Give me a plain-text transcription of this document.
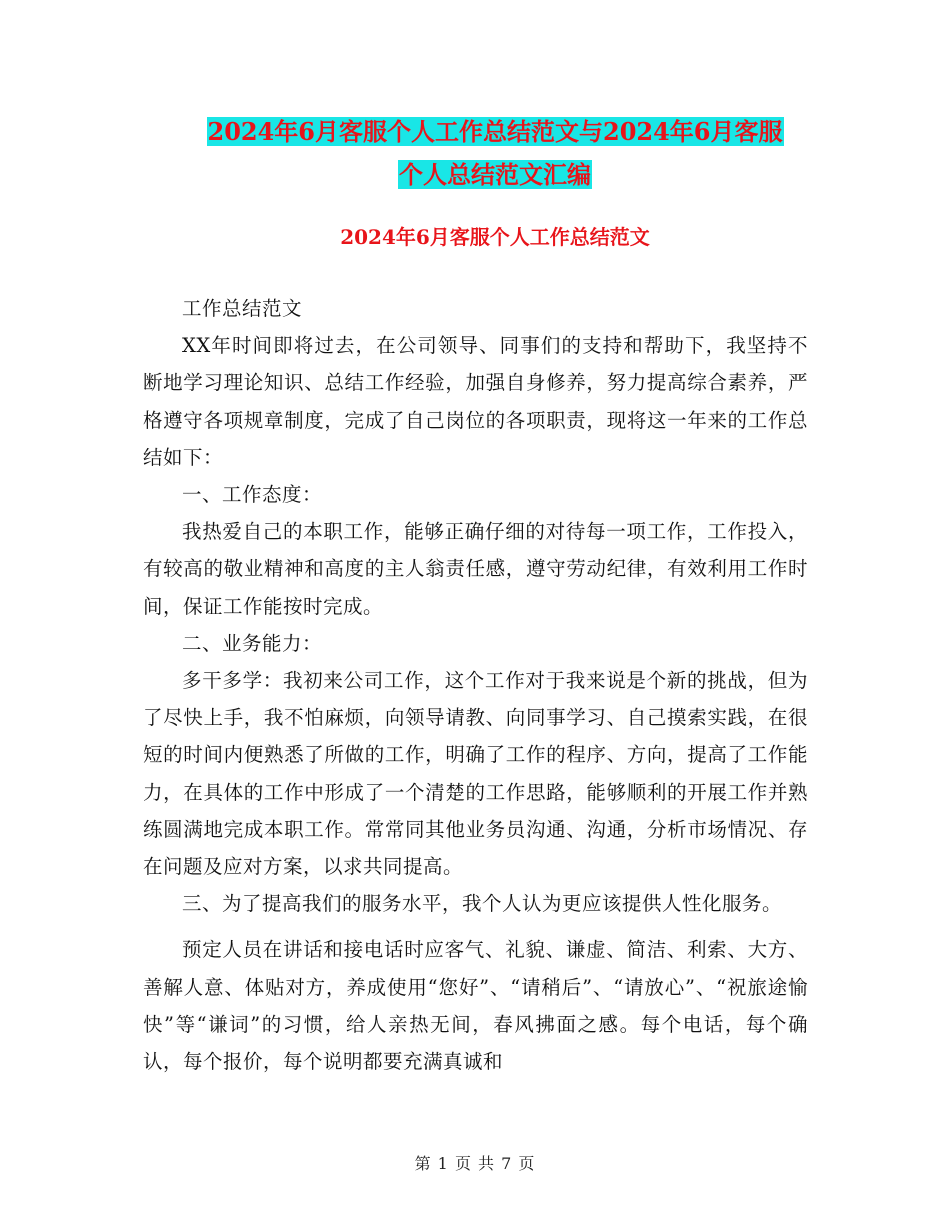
2024年6月客服个人工作总结范文与2024年6月客服
个人总结范文汇编
2024年6月客服个人工作总结范文

工作总结范文

XX年时间即将过去，在公司领导、同事们的支持和帮助下，我坚持不断地学习理论知识、总结工作经验，加强自身修养，努力提高综合素养，严格遵守各项规章制度，完成了自己岗位的各项职责，现将这一年来的工作总结如下：

一、工作态度：

我热爱自己的本职工作，能够正确仔细的对待每一项工作，工作投入，有较高的敬业精神和高度的主人翁责任感，遵守劳动纪律，有效利用工作时间，保证工作能按时完成。

二、业务能力：

多干多学：我初来公司工作，这个工作对于我来说是个新的挑战，但为了尽快上手，我不怕麻烦，向领导请教、向同事学习、自己摸索实践，在很短的时间内便熟悉了所做的工作，明确了工作的程序、方向，提高了工作能力，在具体的工作中形成了一个清楚的工作思路，能够顺利的开展工作并熟练圆满地完成本职工作。常常同其他业务员沟通、沟通，分析市场情况、存在问题及应对方案，以求共同提高。

三、为了提高我们的服务水平，我个人认为更应该提供人性化服务。

预定人员在讲话和接电话时应客气、礼貌、谦虚、简洁、利索、大方、善解人意、体贴对方，养成使用“您好”、“请稍后”、“请放心”、“祝旅途愉快”等“谦词”的习惯，给人亲热无间，春风拂面之感。每个电话，每个确认，每个报价，每个说明都要充满真诚和

第 1 页 共 7 页
